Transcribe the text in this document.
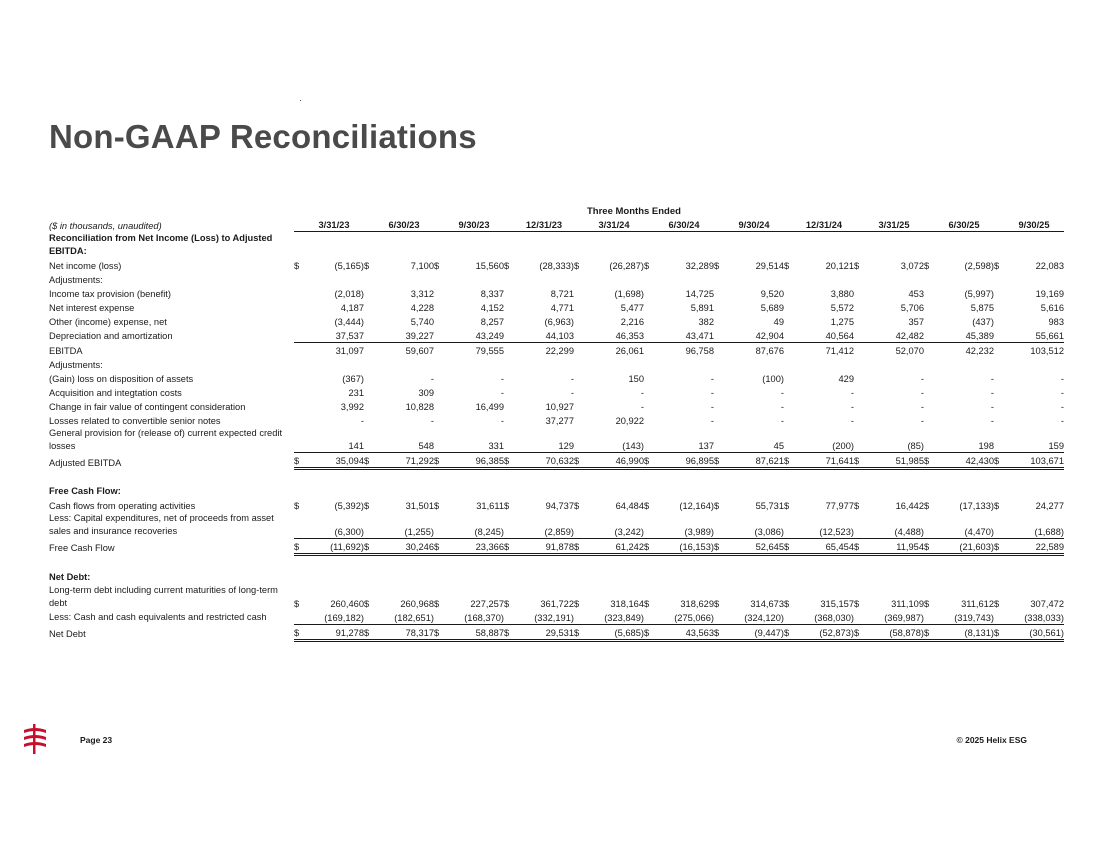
Non-GAAP Reconciliations
Three Months Ended
($ in thousands, unaudited)		3/31/23		6/30/23		9/30/23		12/31/23		3/31/24		6/30/24		9/30/24		12/31/24		3/31/25		6/30/25		9/30/25
Reconciliation from Net Income (Loss) to Adjusted EBITDA:																						
Net income (loss)	$	(5,165)	$	7,100	$	15,560	$	(28,333)	$	(26,287)	$	32,289	$	29,514	$	20,121	$	3,072	$	(2,598)	$	22,083
Adjustments:																						
Income tax provision (benefit)		(2,018)		3,312		8,337		8,721		(1,698)		14,725		9,520		3,880		453		(5,997)		19,169
Net interest expense		4,187		4,228		4,152		4,771		5,477		5,891		5,689		5,572		5,706		5,875		5,616
Other (income) expense, net		(3,444)		5,740		8,257		(6,963)		2,216		382		49		1,275		357		(437)		983
Depreciation and amortization		37,537		39,227		43,249		44,103		46,353		43,471		42,904		40,564		42,482		45,389		55,661
EBITDA		31,097		59,607		79,555		22,299		26,061		96,758		87,676		71,412		52,070		42,232		103,512
Adjustments:																						
(Gain) loss on disposition of assets		(367)		-		-		-		150		-		(100)		429		-		-		-
Acquisition and integtation costs		231		309		-		-		-		-		-		-		-		-		-
Change in fair value of contingent consideration		3,992		10,828		16,499		10,927		-		-		-		-		-		-		-
Losses related to convertible senior notes		-		-		-		37,277		20,922		-		-		-		-		-		-
General provision for (release of) current expected credit losses		141		548		331		129		(143)		137		45		(200)		(85)		198		159
Adjusted EBITDA	$	35,094	$	71,292	$	96,385	$	70,632	$	46,990	$	96,895	$	87,621	$	71,641	$	51,985	$	42,430	$	103,671

Free Cash Flow:																						
Cash flows from operating activities	$	(5,392)	$	31,501	$	31,611	$	94,737	$	64,484	$	(12,164)	$	55,731	$	77,977	$	16,442	$	(17,133)	$	24,277
Less: Capital expenditures, net of proceeds from asset sales and insurance recoveries		(6,300)		(1,255)		(8,245)		(2,859)		(3,242)		(3,989)		(3,086)		(12,523)		(4,488)		(4,470)		(1,688)
Free Cash Flow	$	(11,692)	$	30,246	$	23,366	$	91,878	$	61,242	$	(16,153)	$	52,645	$	65,454	$	11,954	$	(21,603)	$	22,589

Net Debt:																						
Long-term debt including current maturities of long-term debt	$	260,460	$	260,968	$	227,257	$	361,722	$	318,164	$	318,629	$	314,673	$	315,157	$	311,109	$	311,612	$	307,472
Less: Cash and cash equivalents and restricted cash		(169,182)		(182,651)		(168,370)		(332,191)		(323,849)		(275,066)		(324,120)		(368,030)		(369,987)		(319,743)		(338,033)
Net Debt	$	91,278	$	78,317	$	58,887	$	29,531	$	(5,685)	$	43,563	$	(9,447)	$	(52,873)	$	(58,878)	$	(8,131)	$	(30,561)
Page 23	© 2025 Helix ESG
